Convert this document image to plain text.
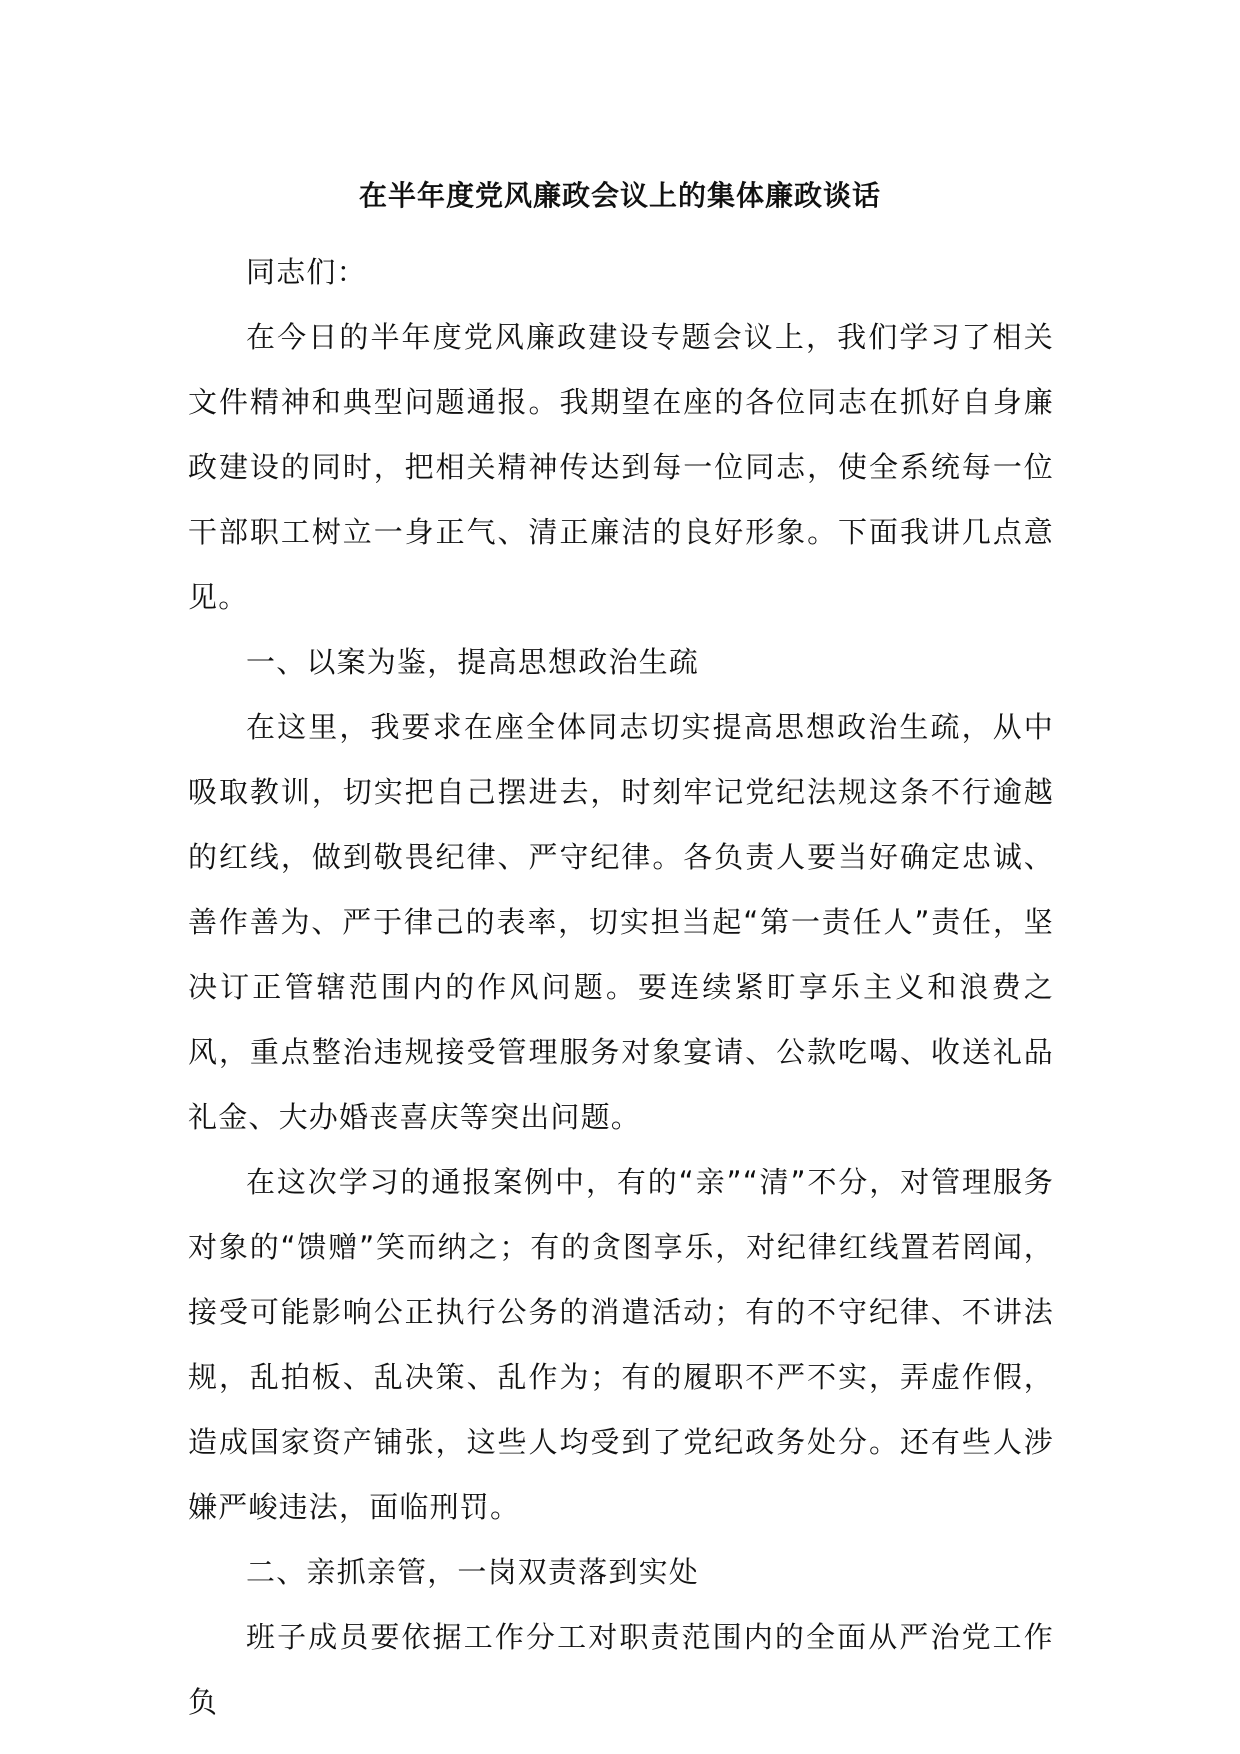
在半年度党风廉政会议上的集体廉政谈话

同志们：

在今日的半年度党风廉政建设专题会议上，我们学习了相关文件精神和典型问题通报。我期望在座的各位同志在抓好自身廉政建设的同时，把相关精神传达到每一位同志，使全系统每一位干部职工树立一身正气、清正廉洁的良好形象。下面我讲几点意见。

一、以案为鉴，提高思想政治生疏

在这里，我要求在座全体同志切实提高思想政治生疏，从中吸取教训，切实把自己摆进去，时刻牢记党纪法规这条不行逾越的红线，做到敬畏纪律、严守纪律。各负责人要当好确定忠诚、善作善为、严于律己的表率，切实担当起“第一责任人”责任，坚决订正管辖范围内的作风问题。要连续紧盯享乐主义和浪费之风，重点整治违规接受管理服务对象宴请、公款吃喝、收送礼品礼金、大办婚丧喜庆等突出问题。

在这次学习的通报案例中，有的“亲”“清”不分，对管理服务对象的“馈赠”笑而纳之；有的贪图享乐，对纪律红线置若罔闻，接受可能影响公正执行公务的消遣活动；有的不守纪律、不讲法规，乱拍板、乱决策、乱作为；有的履职不严不实，弄虚作假，造成国家资产铺张，这些人均受到了党纪政务处分。还有些人涉嫌严峻违法，面临刑罚。

二、亲抓亲管，一岗双责落到实处

班子成员要依据工作分工对职责范围内的全面从严治党工作负
